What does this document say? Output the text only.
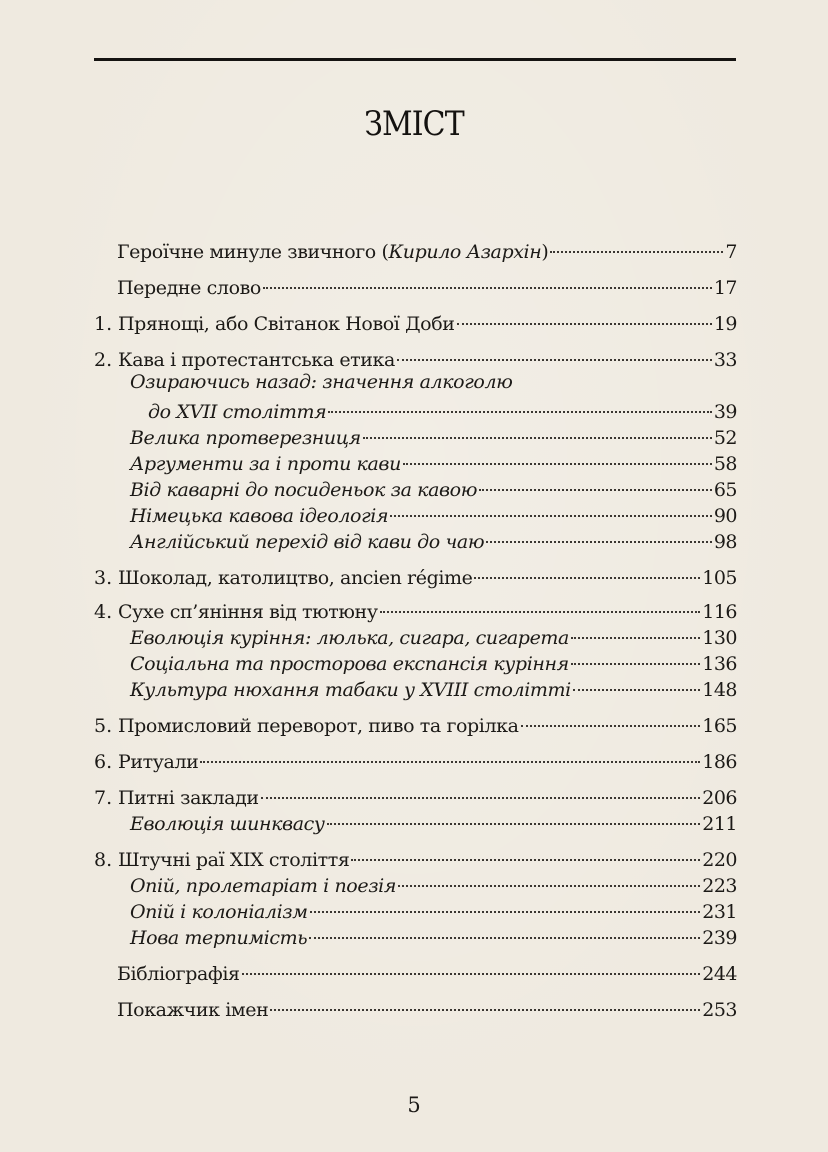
ЗМІСТ
Героїчне минуле звичного (Кирило Азархін)	7
Передне слово	17
1. Прянощі, або Світанок Нової Доби	19
2. Кава і протестантська етика	33
Озираючись назад: значення алкоголю
до XVII століття	39
Велика протверезниця	52
Аргументи за і проти кави	58
Від каварні до посиденьок за кавою	65
Німецька кавова ідеологія	90
Англійський перехід від кави до чаю	98
3. Шоколад, католицтво, ancien régime	105
4. Сухе сп’яніння від тютюну	116
Еволюція куріння: люлька, сигара, сигарета	130
Соціальна та просторова експансія куріння	136
Культура нюхання табаки у XVIII столітті	148
5. Промисловий переворот, пиво та горілка	165
6. Ритуали	186
7. Питні заклади	206
Еволюція шинквасу	211
8. Штучні раї XIX століття	220
Опій, пролетаріат і поезія	223
Опій і колоніалізм	231
Нова терпимість	239
Бібліографія	244
Покажчик імен	253
5
